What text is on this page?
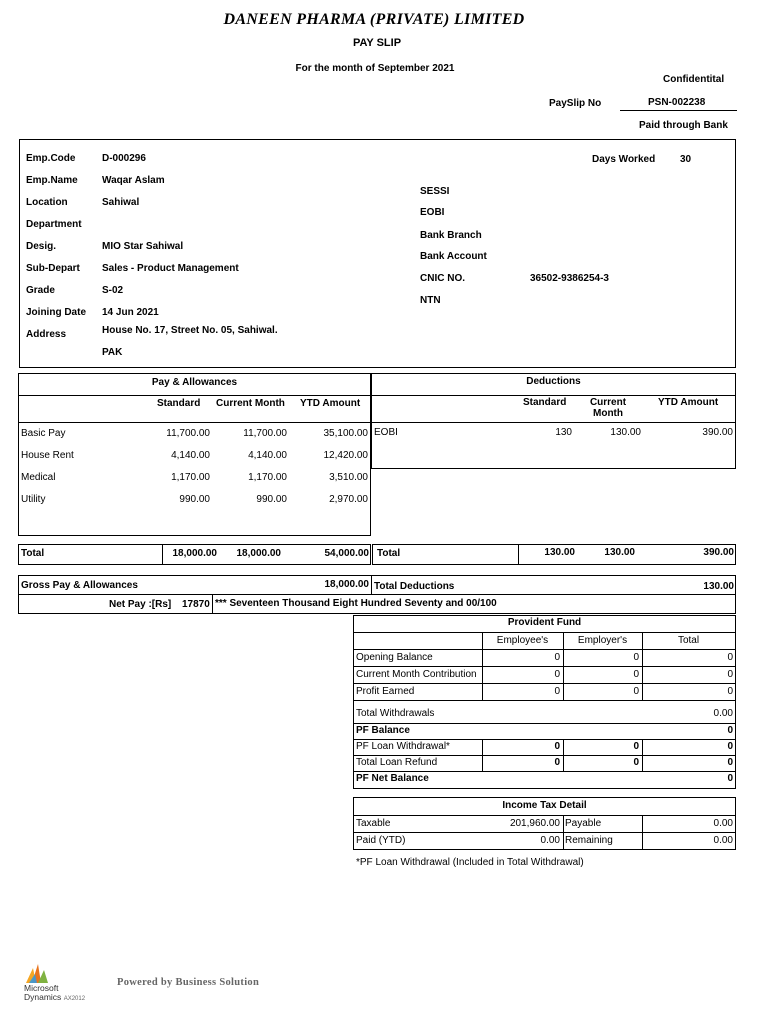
DANEEN PHARMA (PRIVATE) LIMITED
PAY SLIP
For the month of September 2021
Confidentital
PaySlip No	PSN-002238
Paid through Bank
Emp.Code	D-000296
Emp.Name Waqar Aslam
Location	Sahiwal
Department
Desig.	MIO Star Sahiwal
Sub-Depart Sales - Product Management
Grade	S-02
Joining Date 14 Jun 2021
Address	House No. 17, Street No. 05, Sahiwal.
PAK
Days Worked 30
SESSI
EOBI
Bank Branch
Bank Account
CNIC NO.	36502-9386254-3
NTN
Pay & Allowances
Standard Current Month YTD Amount
Basic Pay	11,700.00	11,700.00	35,100.00
House Rent	4,140.00	4,140.00	12,420.00
Medical	1,170.00	1,170.00	3,510.00
Utility	990.00	990.00	2,970.00
Deductions
Standard	Current
Month
YTD Amount
EOBI	130	130.00	390.00
Total	18,000.00	18,000.00	54,000.00 Total	130.00	130.00	390.00
Gross Pay & Allowances	18,000.00 Total Deductions	130.00
Net Pay :[Rs] 17870 *** Seventeen Thousand Eight Hundred Seventy and 00/100
Provident Fund
Employee's	Employer's	Total
Opening Balance	0	0	0
Current Month Contribution	0	0	0
Profit Earned	0	0	0
Total Withdrawals	0.00
PF Balance	0
PF Loan Withdrawal*	0	0	0
Total Loan Refund	0	0	0
PF Net Balance	0
Income Tax Detail
Taxable	201,960.00 Payable	0.00
Paid (YTD)	0.00 Remaining	0.00
*PF Loan Withdrawal (Included in Total Withdrawal)
Microsoft
Dynamics AX2012
Powered by Business Solution
